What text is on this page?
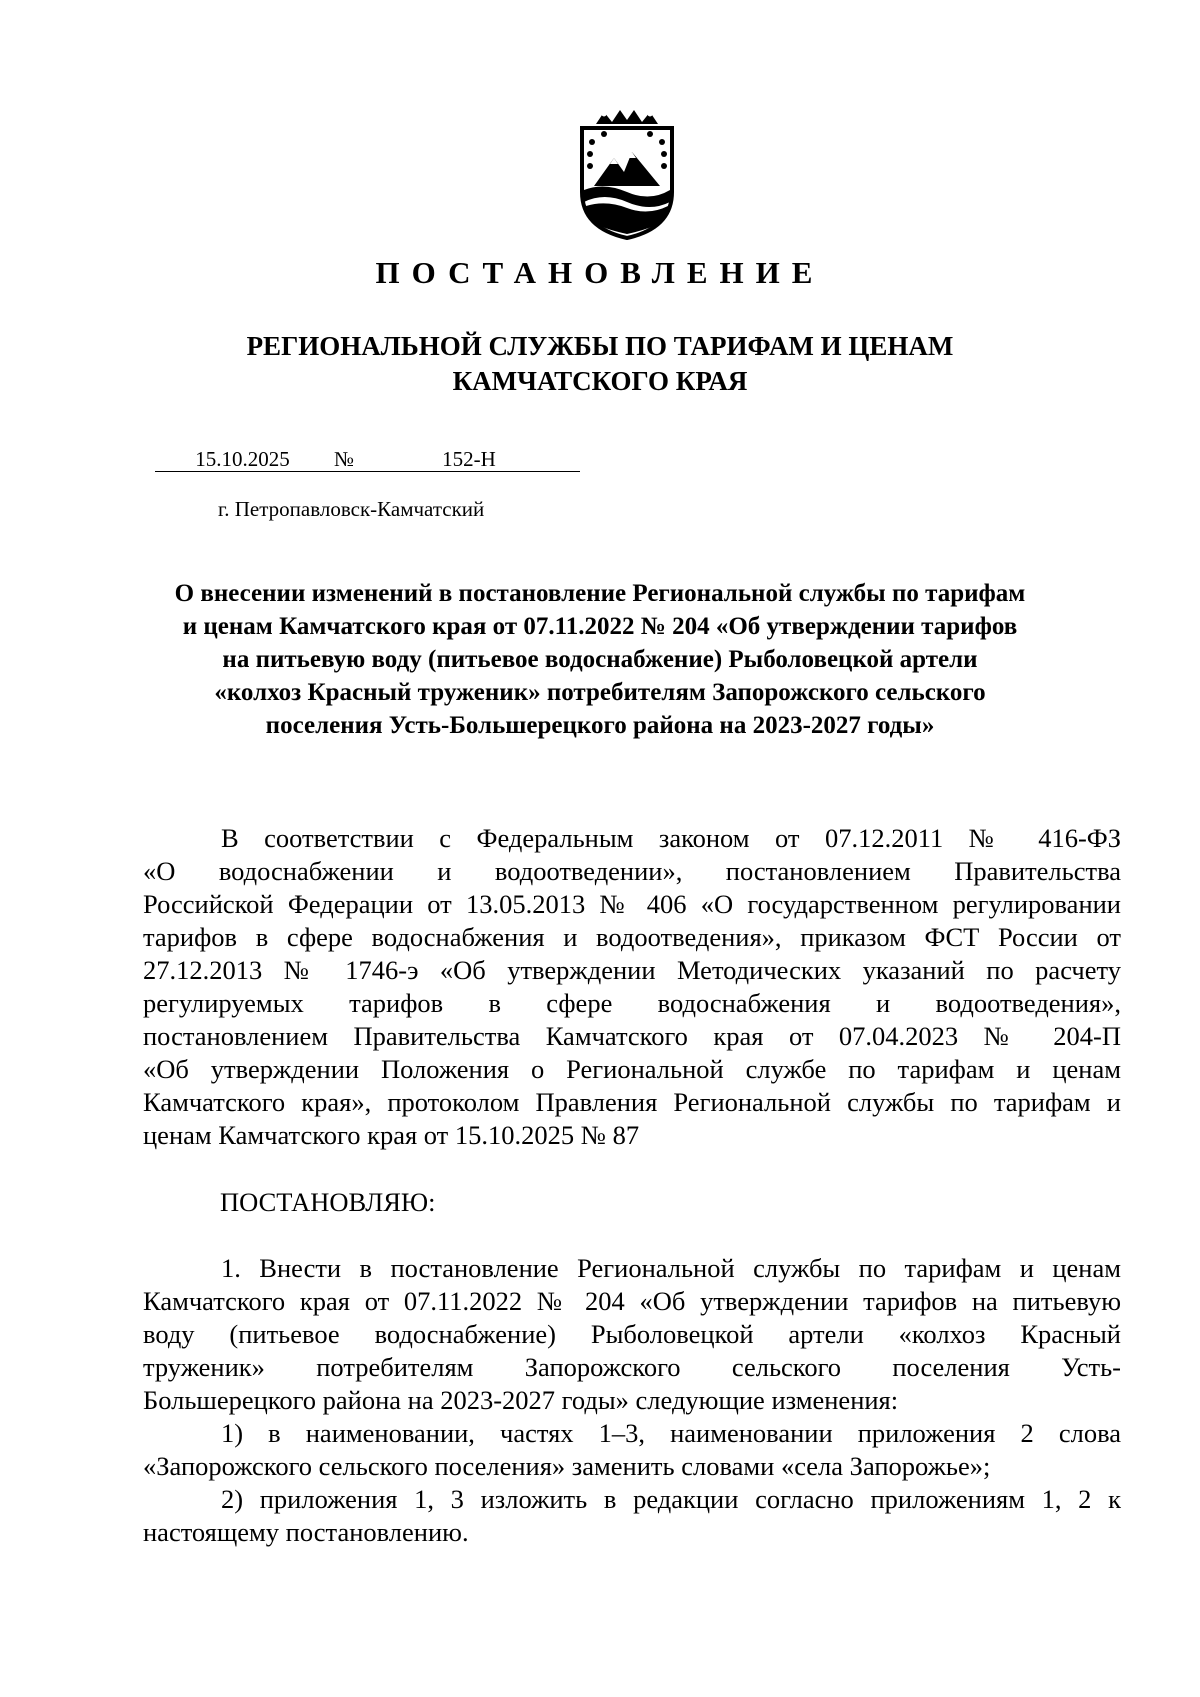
ПОСТАНОВЛЕНИЕ
РЕГИОНАЛЬНОЙ СЛУЖБЫ ПО ТАРИФАМ И ЦЕНАМ
КАМЧАТСКОГО КРАЯ
15.10.2025	№	152-Н
г. Петропавловск-Камчатский
О внесении изменений в постановление Региональной службы по тарифам
и ценам Камчатского края от 07.11.2022 № 204 «Об утверждении тарифов
на питьевую воду (питьевое водоснабжение) Рыболовецкой артели
«колхоз Красный труженик» потребителям Запорожского сельского
поселения Усть-Большерецкого района на 2023-2027 годы»
В соответствии с Федеральным законом от 07.12.2011 № 416-ФЗ
«О водоснабжении и водоотведении», постановлением Правительства
Российской Федерации от 13.05.2013 № 406 «О государственном регулировании
тарифов в сфере водоснабжения и водоотведения», приказом ФСТ России от
27.12.2013 № 1746-э «Об утверждении Методических указаний по расчету
регулируемых тарифов в сфере водоснабжения и водоотведения»,
постановлением Правительства Камчатского края от 07.04.2023 № 204-П
«Об утверждении Положения о Региональной службе по тарифам и ценам
Камчатского края», протоколом Правления Региональной службы по тарифам и
ценам Камчатского края от 15.10.2025 № 87
ПОСТАНОВЛЯЮ:
1. Внести в постановление Региональной службы по тарифам и ценам
Камчатского края от 07.11.2022 № 204 «Об утверждении тарифов на питьевую
воду (питьевое водоснабжение) Рыболовецкой артели «колхоз Красный
труженик» потребителям Запорожского сельского поселения Усть-
Большерецкого района на 2023-2027 годы» следующие изменения:
1) в наименовании, частях 1–3, наименовании приложения 2 слова
«Запорожского сельского поселения» заменить словами «села Запорожье»;
2) приложения 1, 3 изложить в редакции согласно приложениям 1, 2 к
настоящему постановлению.
